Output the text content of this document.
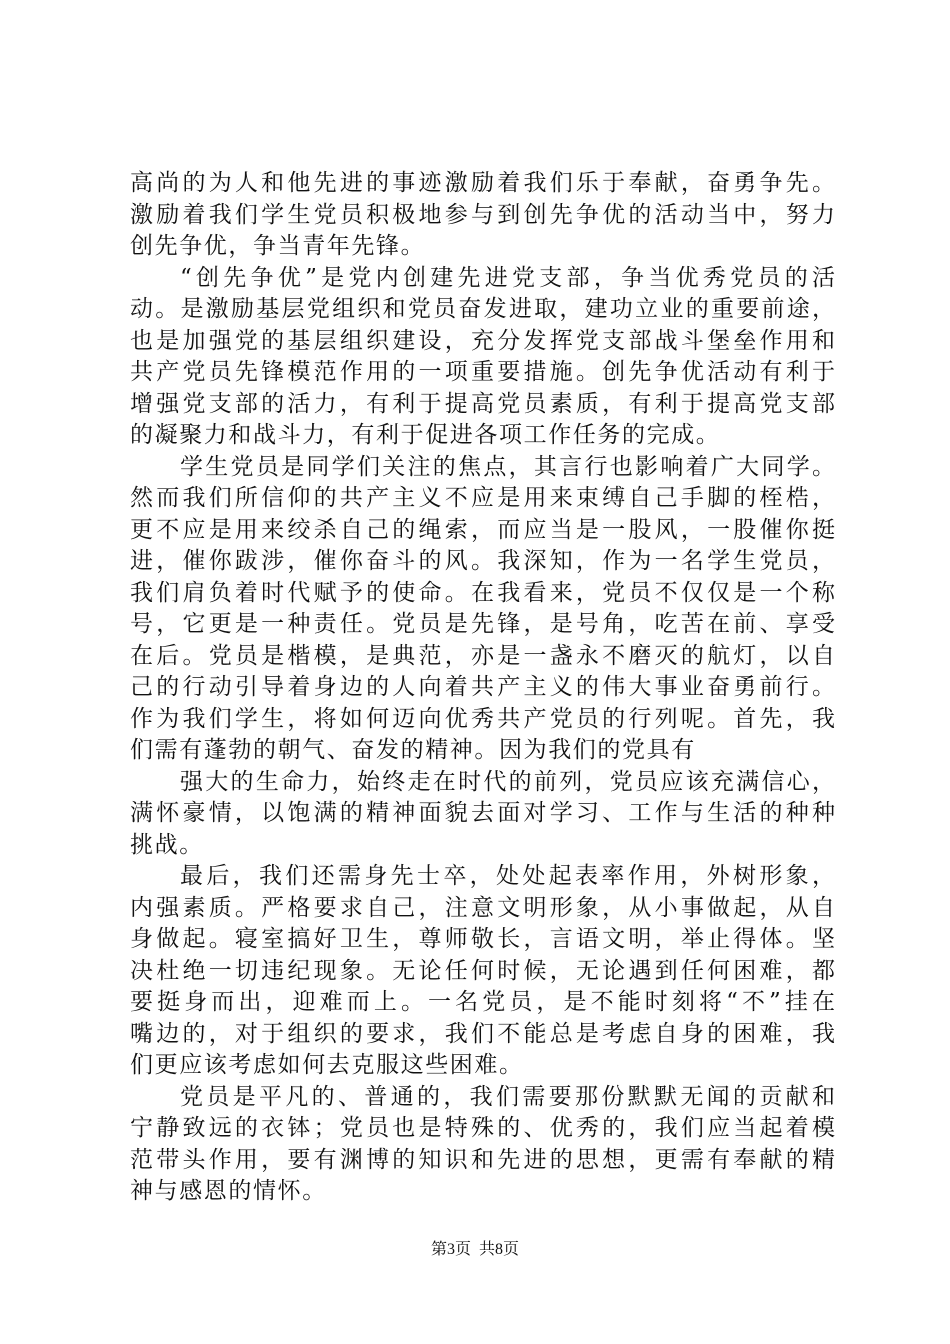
高尚的为人和他先进的事迹激励着我们乐于奉献，奋勇争先。
激励着我们学生党员积极地参与到创先争优的活动当中，努力
创先争优，争当青年先锋。
“创先争优”是党内创建先进党支部，争当优秀党员的活
动。是激励基层党组织和党员奋发进取，建功立业的重要前途，
也是加强党的基层组织建设，充分发挥党支部战斗堡垒作用和
共产党员先锋模范作用的一项重要措施。创先争优活动有利于
增强党支部的活力，有利于提高党员素质，有利于提高党支部
的凝聚力和战斗力，有利于促进各项工作任务的完成。
学生党员是同学们关注的焦点，其言行也影响着广大同学。
然而我们所信仰的共产主义不应是用来束缚自己手脚的桎梏，
更不应是用来绞杀自己的绳索，而应当是一股风，一股催你挺
进，催你跋涉，催你奋斗的风。我深知，作为一名学生党员，
我们肩负着时代赋予的使命。在我看来，党员不仅仅是一个称
号，它更是一种责任。党员是先锋，是号角，吃苦在前、享受
在后。党员是楷模，是典范，亦是一盏永不磨灭的航灯，以自
己的行动引导着身边的人向着共产主义的伟大事业奋勇前行。
作为我们学生，将如何迈向优秀共产党员的行列呢。首先，我
们需有蓬勃的朝气、奋发的精神。因为我们的党具有
强大的生命力，始终走在时代的前列，党员应该充满信心，
满怀豪情，以饱满的精神面貌去面对学习、工作与生活的种种
挑战。
最后，我们还需身先士卒，处处起表率作用，外树形象，
内强素质。严格要求自己，注意文明形象，从小事做起，从自
身做起。寝室搞好卫生，尊师敬长，言语文明，举止得体。坚
决杜绝一切违纪现象。无论任何时候，无论遇到任何困难，都
要挺身而出，迎难而上。一名党员，是不能时刻将“不”挂在
嘴边的，对于组织的要求，我们不能总是考虑自身的困难，我
们更应该考虑如何去克服这些困难。
党员是平凡的、普通的，我们需要那份默默无闻的贡献和
宁静致远的衣钵；党员也是特殊的、优秀的，我们应当起着模
范带头作用，要有渊博的知识和先进的思想，更需有奉献的精
神与感恩的情怀。
第3页 共8页
